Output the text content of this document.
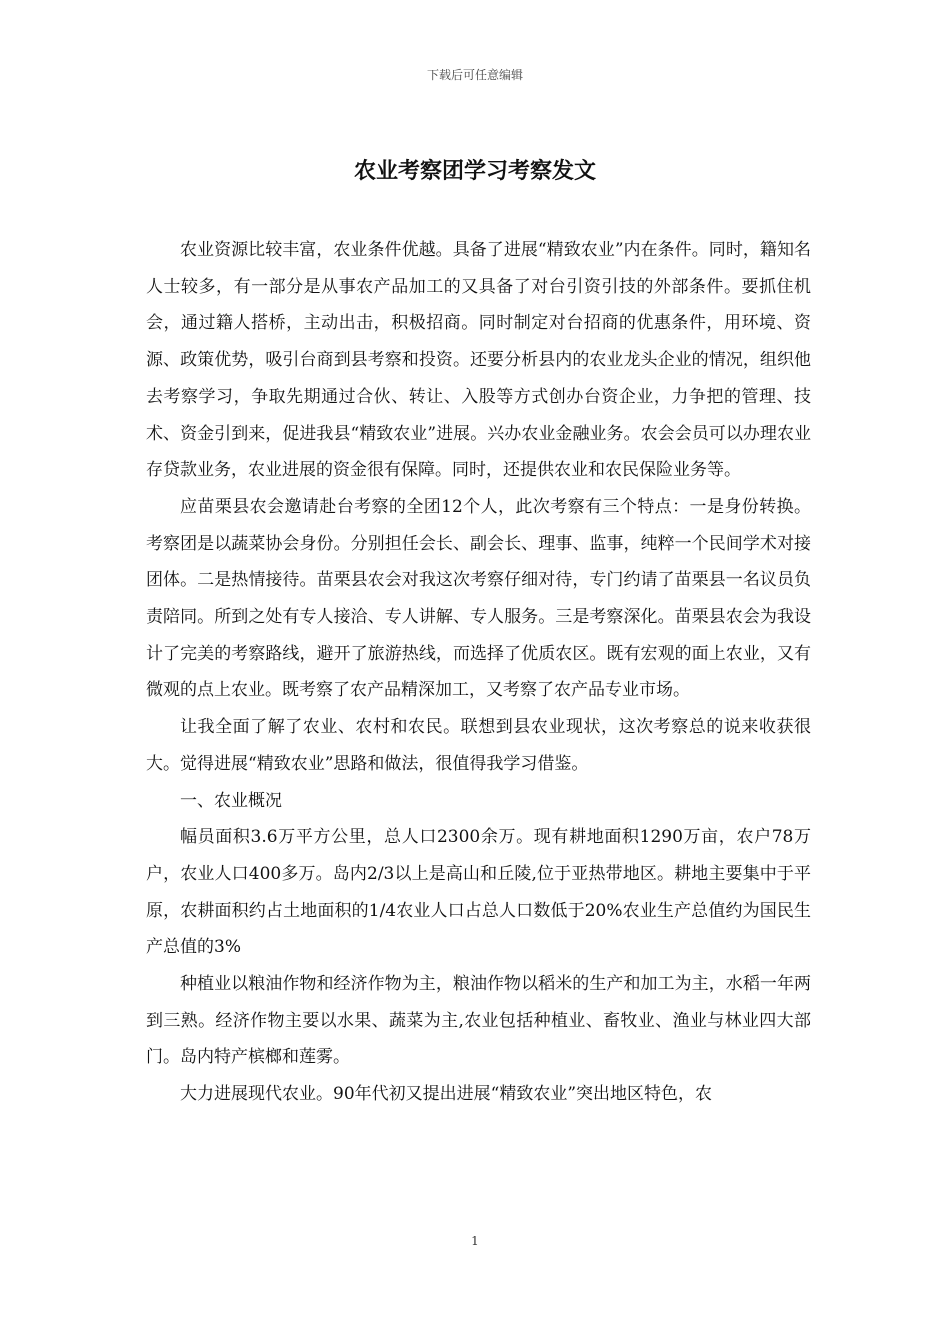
下载后可任意编辑
农业考察团学习考察发文

农业资源比较丰富，农业条件优越。具备了进展“精致农业”内在条件。同时，籍知名人士较多，有一部分是从事农产品加工的又具备了对台引资引技的外部条件。要抓住机会，通过籍人搭桥，主动出击，积极招商。同时制定对台招商的优惠条件，用环境、资源、政策优势，吸引台商到县考察和投资。还要分析县内的农业龙头企业的情况，组织他去考察学习，争取先期通过合伙、转让、入股等方式创办台资企业，力争把的管理、技术、资金引到来，促进我县“精致农业”进展。兴办农业金融业务。农会会员可以办理农业存贷款业务，农业进展的资金很有保障。同时，还提供农业和农民保险业务等。

应苗栗县农会邀请赴台考察的全团12个人，此次考察有三个特点：一是身份转换。考察团是以蔬菜协会身份。分别担任会长、副会长、理事、监事，纯粹一个民间学术对接团体。二是热情接待。苗栗县农会对我这次考察仔细对待，专门约请了苗栗县一名议员负责陪同。所到之处有专人接洽、专人讲解、专人服务。三是考察深化。苗栗县农会为我设计了完美的考察路线，避开了旅游热线，而选择了优质农区。既有宏观的面上农业，又有微观的点上农业。既考察了农产品精深加工，又考察了农产品专业市场。

让我全面了解了农业、农村和农民。联想到县农业现状，这次考察总的说来收获很大。觉得进展“精致农业”思路和做法，很值得我学习借鉴。

一、农业概况

幅员面积3.6万平方公里，总人口2300余万。现有耕地面积1290万亩，农户78万户，农业人口400多万。岛内2/3以上是高山和丘陵,位于亚热带地区。耕地主要集中于平原，农耕面积约占土地面积的1/4农业人口占总人口数低于20%农业生产总值约为国民生产总值的3%

种植业以粮油作物和经济作物为主，粮油作物以稻米的生产和加工为主，水稻一年两到三熟。经济作物主要以水果、蔬菜为主,农业包括种植业、畜牧业、渔业与林业四大部门。岛内特产槟榔和莲雾。

大力进展现代农业。90年代初又提出进展“精致农业”突出地区特色，农

1
